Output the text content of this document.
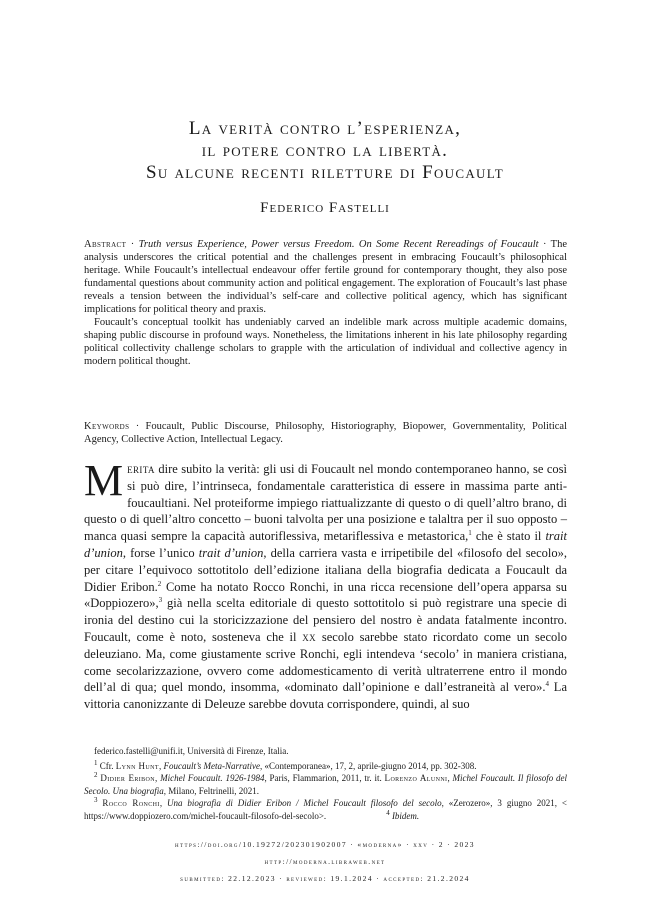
La verità contro l’esperienza,
il potere contro la libertà.
Su alcune recenti riletture di Foucault
Federico Fastelli

Abstract · Truth versus Experience, Power versus Freedom. On Some Recent Rereadings of Foucault · The analysis underscores the critical potential and the challenges present in embracing Foucault’s philosophical heritage. While Foucault’s intellectual endeavour offer fertile ground for contemporary thought, they also pose fundamental questions about community action and political engagement. The exploration of Foucault’s last phase reveals a tension between the individual’s self-care and collective political agency, which has significant implications for political theory and praxis.

Foucault’s conceptual toolkit has undeniably carved an indelible mark across multiple academic domains, shaping public discourse in profound ways. Nonetheless, the limitations inherent in his late philosophy regarding political collectivity challenge scholars to grapple with the articulation of individual and collective agency in modern political thought.

Keywords · Foucault, Public Discourse, Philosophy, Historiography, Biopower, Governmentality, Political Agency, Collective Action, Intellectual Legacy.

Merita dire subito la verità: gli usi di Foucault nel mondo contemporaneo hanno, se così si può dire, l’intrinseca, fondamentale caratteristica di essere in massima parte anti-foucaultiani. Nel proteiforme impiego riattualizzante di questo o di quell’altro brano, di questo o di quell’altro concetto – buoni talvolta per una posizione e talaltra per il suo opposto – manca quasi sempre la capacità autoriflessiva, metariflessiva e metastorica,$^1$ che è stato il trait d’union, forse l’unico trait d’union, della carriera vasta e irripetibile del «filosofo del secolo», per citare l’equivoco sottotitolo dell’edizione italiana della biografia dedicata a Foucault da Didier Eribon.$^2$ Come ha notato Rocco Ronchi, in una ricca recensione dell’opera apparsa su «Doppiozero»,$^3$ già nella scelta editoriale di questo sottotitolo si può registrare una specie di ironia del destino cui la storicizzazione del pensiero del nostro è andata fatalmente incontro. Foucault, come è noto, sosteneva che il xx secolo sarebbe stato ricordato come un secolo deleuziano. Ma, come giustamente scrive Ronchi, egli intendeva ‘secolo’ in maniera cristiana, come secolarizzazione, ovvero come addomesticamento di verità ultraterrene entro il mondo dell’al di qua; quel mondo, insomma, «dominato dall’opinione e dall’estraneità al vero».$^4$ La vittoria canonizzante di Deleuze sarebbe dovuta corrispondere, quindi, al suo

federico.fastelli@unifi.it, Università di Firenze, Italia.
$^1$ Cfr. Lynn Hunt, Foucault’s Meta-Narrative, «Contemporanea», 17, 2, aprile-giugno 2014, pp. 302-308.
$^2$ Didier Eribon, Michel Foucault. 1926-1984, Paris, Flammarion, 2011, tr. it. Lorenzo Alunni, Michel Foucault. Il filosofo del Secolo. Una biografia, Milano, Feltrinelli, 2021.
$^3$ Rocco Ronchi, Una biografia di Didier Eribon / Michel Foucault filosofo del secolo, «Zerozero», 3 giugno 2021, < https://www.doppiozero.com/michel-foucault-filosofo-del-secolo>.	$^4$ Ibidem.
https://doi.org/10.19272/202301902007 · «moderna» · xxv · 2 · 2023
http://moderna.libraweb.net
submitted: 22.12.2023 · reviewed: 19.1.2024 · accepted: 21.2.2024
